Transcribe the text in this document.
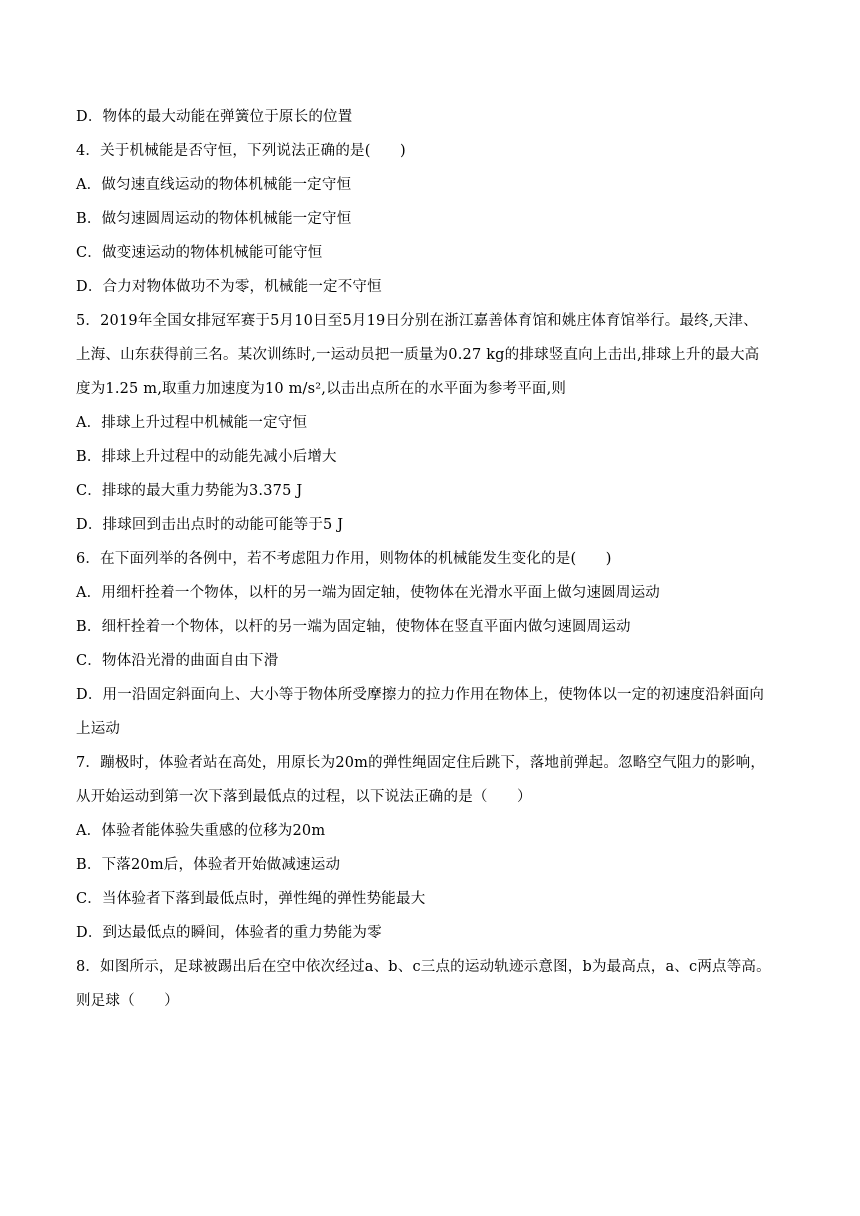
D．物体的最大动能在弹簧位于原长的位置

4．关于机械能是否守恒，下列说法正确的是(　　)

A．做匀速直线运动的物体机械能一定守恒

B．做匀速圆周运动的物体机械能一定守恒

C．做变速运动的物体机械能可能守恒

D．合力对物体做功不为零，机械能一定不守恒

5．2019年全国女排冠军赛于5月10日至5月19日分别在浙江嘉善体育馆和姚庄体育馆举行。最终,天津、

上海、山东获得前三名。某次训练时,一运动员把一质量为0.27 kg的排球竖直向上击出,排球上升的最大高

度为1.25 m,取重力加速度为10 m/s²,以击出点所在的水平面为参考平面,则

A．排球上升过程中机械能一定守恒

B．排球上升过程中的动能先减小后增大

C．排球的最大重力势能为3.375 J

D．排球回到击出点时的动能可能等于5 J

6．在下面列举的各例中，若不考虑阻力作用，则物体的机械能发生变化的是(　　)

A．用细杆拴着一个物体，以杆的另一端为固定轴，使物体在光滑水平面上做匀速圆周运动

B．细杆拴着一个物体，以杆的另一端为固定轴，使物体在竖直平面内做匀速圆周运动

C．物体沿光滑的曲面自由下滑

D．用一沿固定斜面向上、大小等于物体所受摩擦力的拉力作用在物体上，使物体以一定的初速度沿斜面向

上运动

7．蹦极时，体验者站在高处，用原长为20m的弹性绳固定住后跳下，落地前弹起。忽略空气阻力的影响，

从开始运动到第一次下落到最低点的过程，以下说法正确的是（　　）

A．体验者能体验失重感的位移为20m

B．下落20m后，体验者开始做减速运动

C．当体验者下落到最低点时，弹性绳的弹性势能最大

D．到达最低点的瞬间，体验者的重力势能为零

8．如图所示，足球被踢出后在空中依次经过a、b、c三点的运动轨迹示意图，b为最高点，a、c两点等高。

则足球（　　）
